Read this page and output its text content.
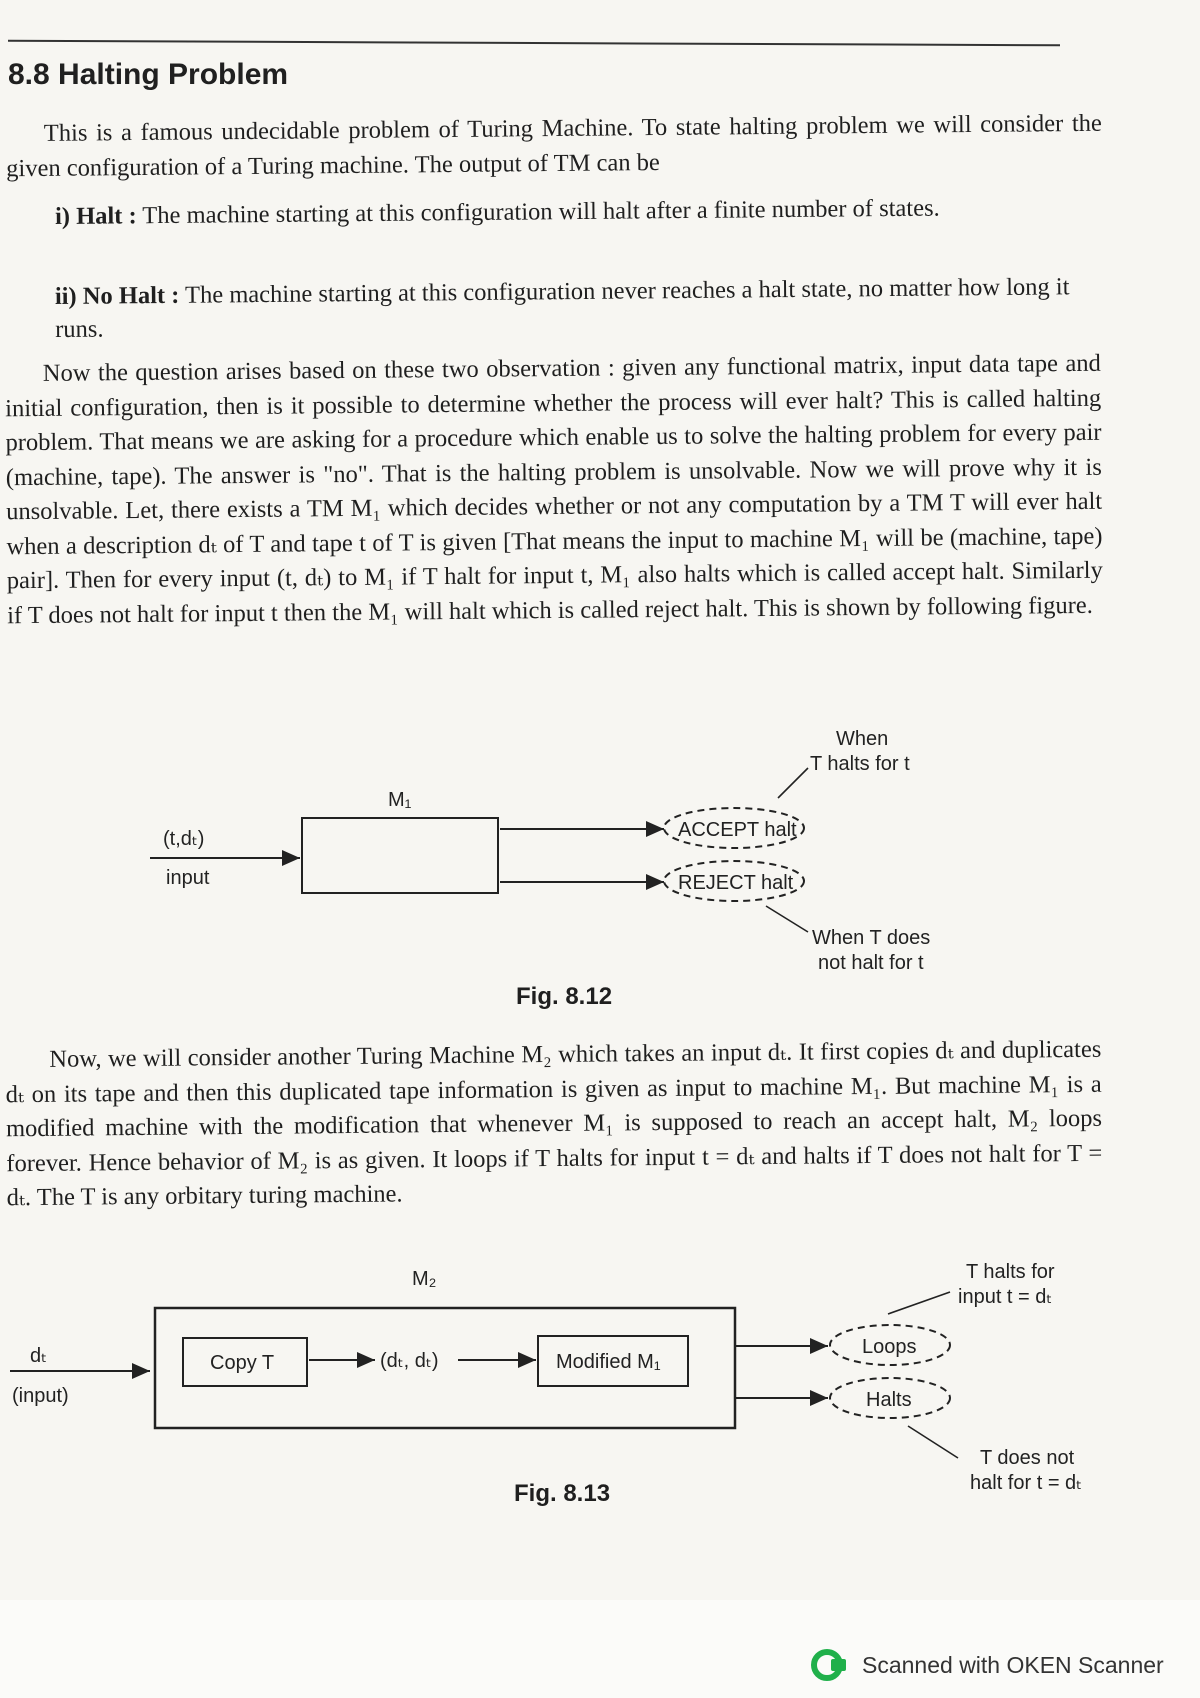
8.8 Halting Problem
This is a famous undecidable problem of Turing Machine. To state halting problem we will consider the given configuration of a Turing machine. The output of TM can be
i) Halt : The machine starting at this configuration will halt after a finite number of states.
ii) No Halt : The machine starting at this configuration never reaches a halt state, no matter how long it runs.
Now the question arises based on these two observation : given any functional matrix, input data tape and initial configuration, then is it possible to determine whether the process will ever halt? This is called halting problem. That means we are asking for a procedure which enable us to solve the halting problem for every pair (machine, tape). The answer is "no". That is the halting problem is unsolvable. Now we will prove why it is unsolvable. Let, there exists a TM M₁ which decides whether or not any computation by a TM T will ever halt when a description dₜ of T and tape t of T is given [That means the input to machine M₁ will be (machine, tape) pair]. Then for every input (t, dₜ) to M₁ if T halt for input t, M₁ also halts which is called accept halt. Similarly if T does not halt for input t then the M₁ will halt which is called reject halt. This is shown by following figure.
(t,dₜ)
input
M₁
ACCEPT halt
REJECT halt
When
T halts for t
When T does
not halt for t
M₂
dₜ
(input)
Copy T	(dₜ, dₜ)	Modified M₁
Loops
Halts
T halts for
input t = dₜ
T does not
halt for t = dₜ
Fig. 8.12
Now, we will consider another Turing Machine M₂ which takes an input dₜ. It first copies dₜ and duplicates dₜ on its tape and then this duplicated tape information is given as input to machine M₁. But machine M₁ is a modified machine with the modification that whenever M₁ is supposed to reach an accept halt, M₂ loops forever. Hence behavior of M₂ is as given. It loops if T halts for input t = dₜ and halts if T does not halt for T = dₜ. The T is any orbitary turing machine.
Fig. 8.13
Scanned with OKEN Scanner
